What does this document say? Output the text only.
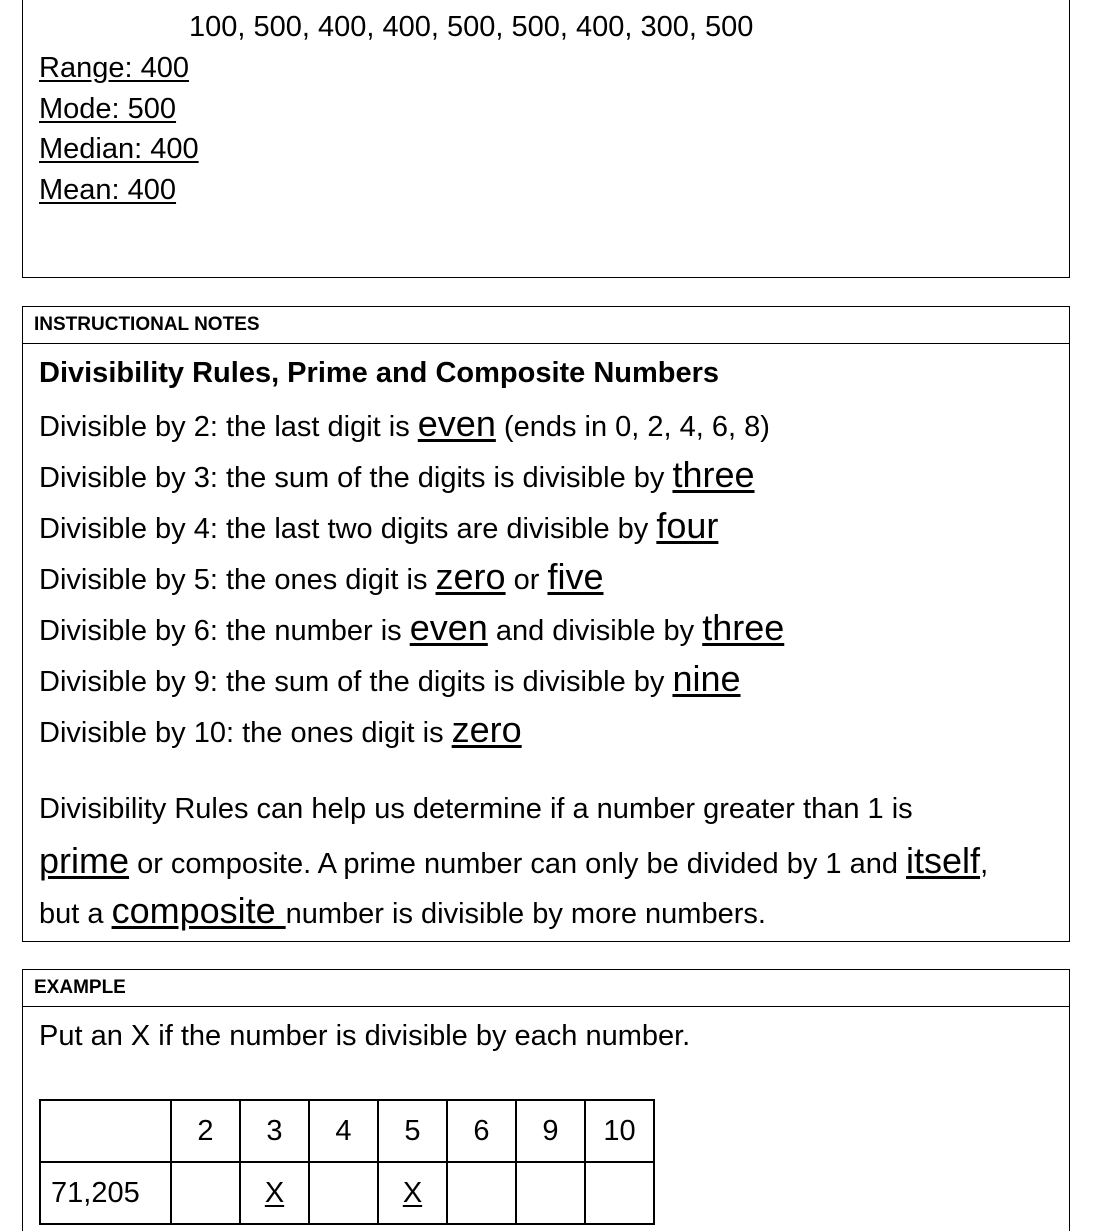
100, 500, 400, 400, 500, 500, 400, 300, 500
Range: 400
Mode: 500
Median: 400
Mean: 400
INSTRUCTIONAL NOTES
Divisibility Rules, Prime and Composite Numbers
Divisible by 2: the last digit is even (ends in 0, 2, 4, 6, 8)
Divisible by 3: the sum of the digits is divisible by three
Divisible by 4: the last two digits are divisible by four
Divisible by 5: the ones digit is zero or five
Divisible by 6: the number is even and divisible by three
Divisible by 9: the sum of the digits is divisible by nine
Divisible by 10: the ones digit is zero
Divisibility Rules can help us determine if a number greater than 1 is
prime or composite. A prime number can only be divided by 1 and itself,
but a composite number is divisible by more numbers.
EXAMPLE
Put an X if the number is divisible by each number.
	2	3	4	5	6	9	10
71,205		X		X			
